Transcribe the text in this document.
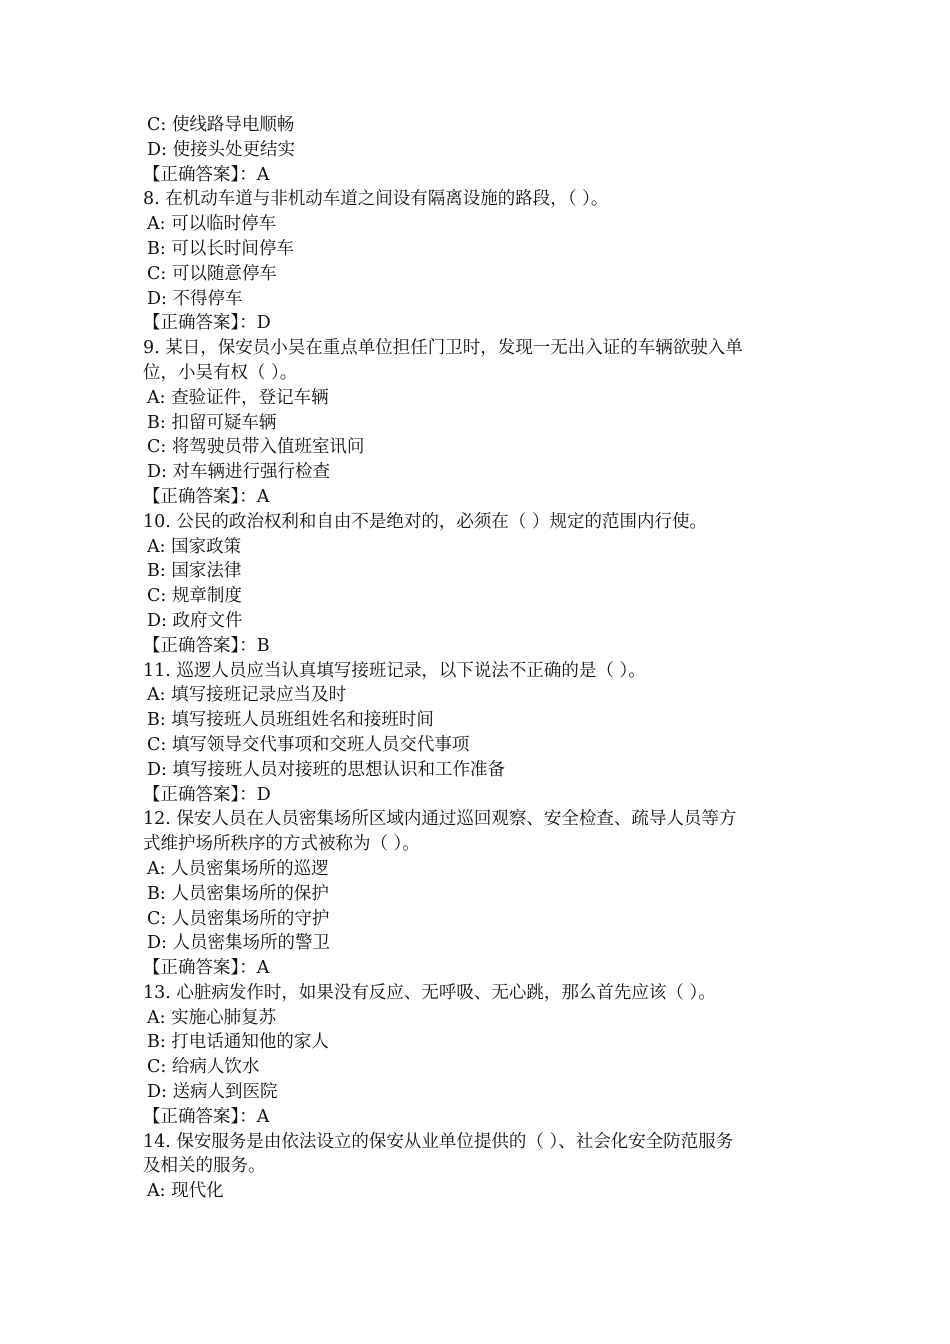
C: 使线路导电顺畅
D: 使接头处更结实
【正确答案】：A
8. 在机动车道与非机动车道之间设有隔离设施的路段，（ ）。
A: 可以临时停车
B: 可以长时间停车
C: 可以随意停车
D: 不得停车
【正确答案】：D
9. 某日，保安员小吴在重点单位担任门卫时，发现一无出入证的车辆欲驶入单
位，小吴有权（ ）。
A: 查验证件，登记车辆
B: 扣留可疑车辆
C: 将驾驶员带入值班室讯问
D: 对车辆进行强行检查
【正确答案】：A
10. 公民的政治权利和自由不是绝对的，必须在（ ）规定的范围内行使。
A: 国家政策
B: 国家法律
C: 规章制度
D: 政府文件
【正确答案】：B
11. 巡逻人员应当认真填写接班记录，以下说法不正确的是（ ）。
A: 填写接班记录应当及时
B: 填写接班人员班组姓名和接班时间
C: 填写领导交代事项和交班人员交代事项
D: 填写接班人员对接班的思想认识和工作准备
【正确答案】：D
12. 保安人员在人员密集场所区域内通过巡回观察、安全检查、疏导人员等方
式维护场所秩序的方式被称为（ ）。
A: 人员密集场所的巡逻
B: 人员密集场所的保护
C: 人员密集场所的守护
D: 人员密集场所的警卫
【正确答案】：A
13. 心脏病发作时，如果没有反应、无呼吸、无心跳，那么首先应该（ ）。
A: 实施心肺复苏
B: 打电话通知他的家人
C: 给病人饮水
D: 送病人到医院
【正确答案】：A
14. 保安服务是由依法设立的保安从业单位提供的（ ）、社会化安全防范服务
及相关的服务。
A: 现代化
